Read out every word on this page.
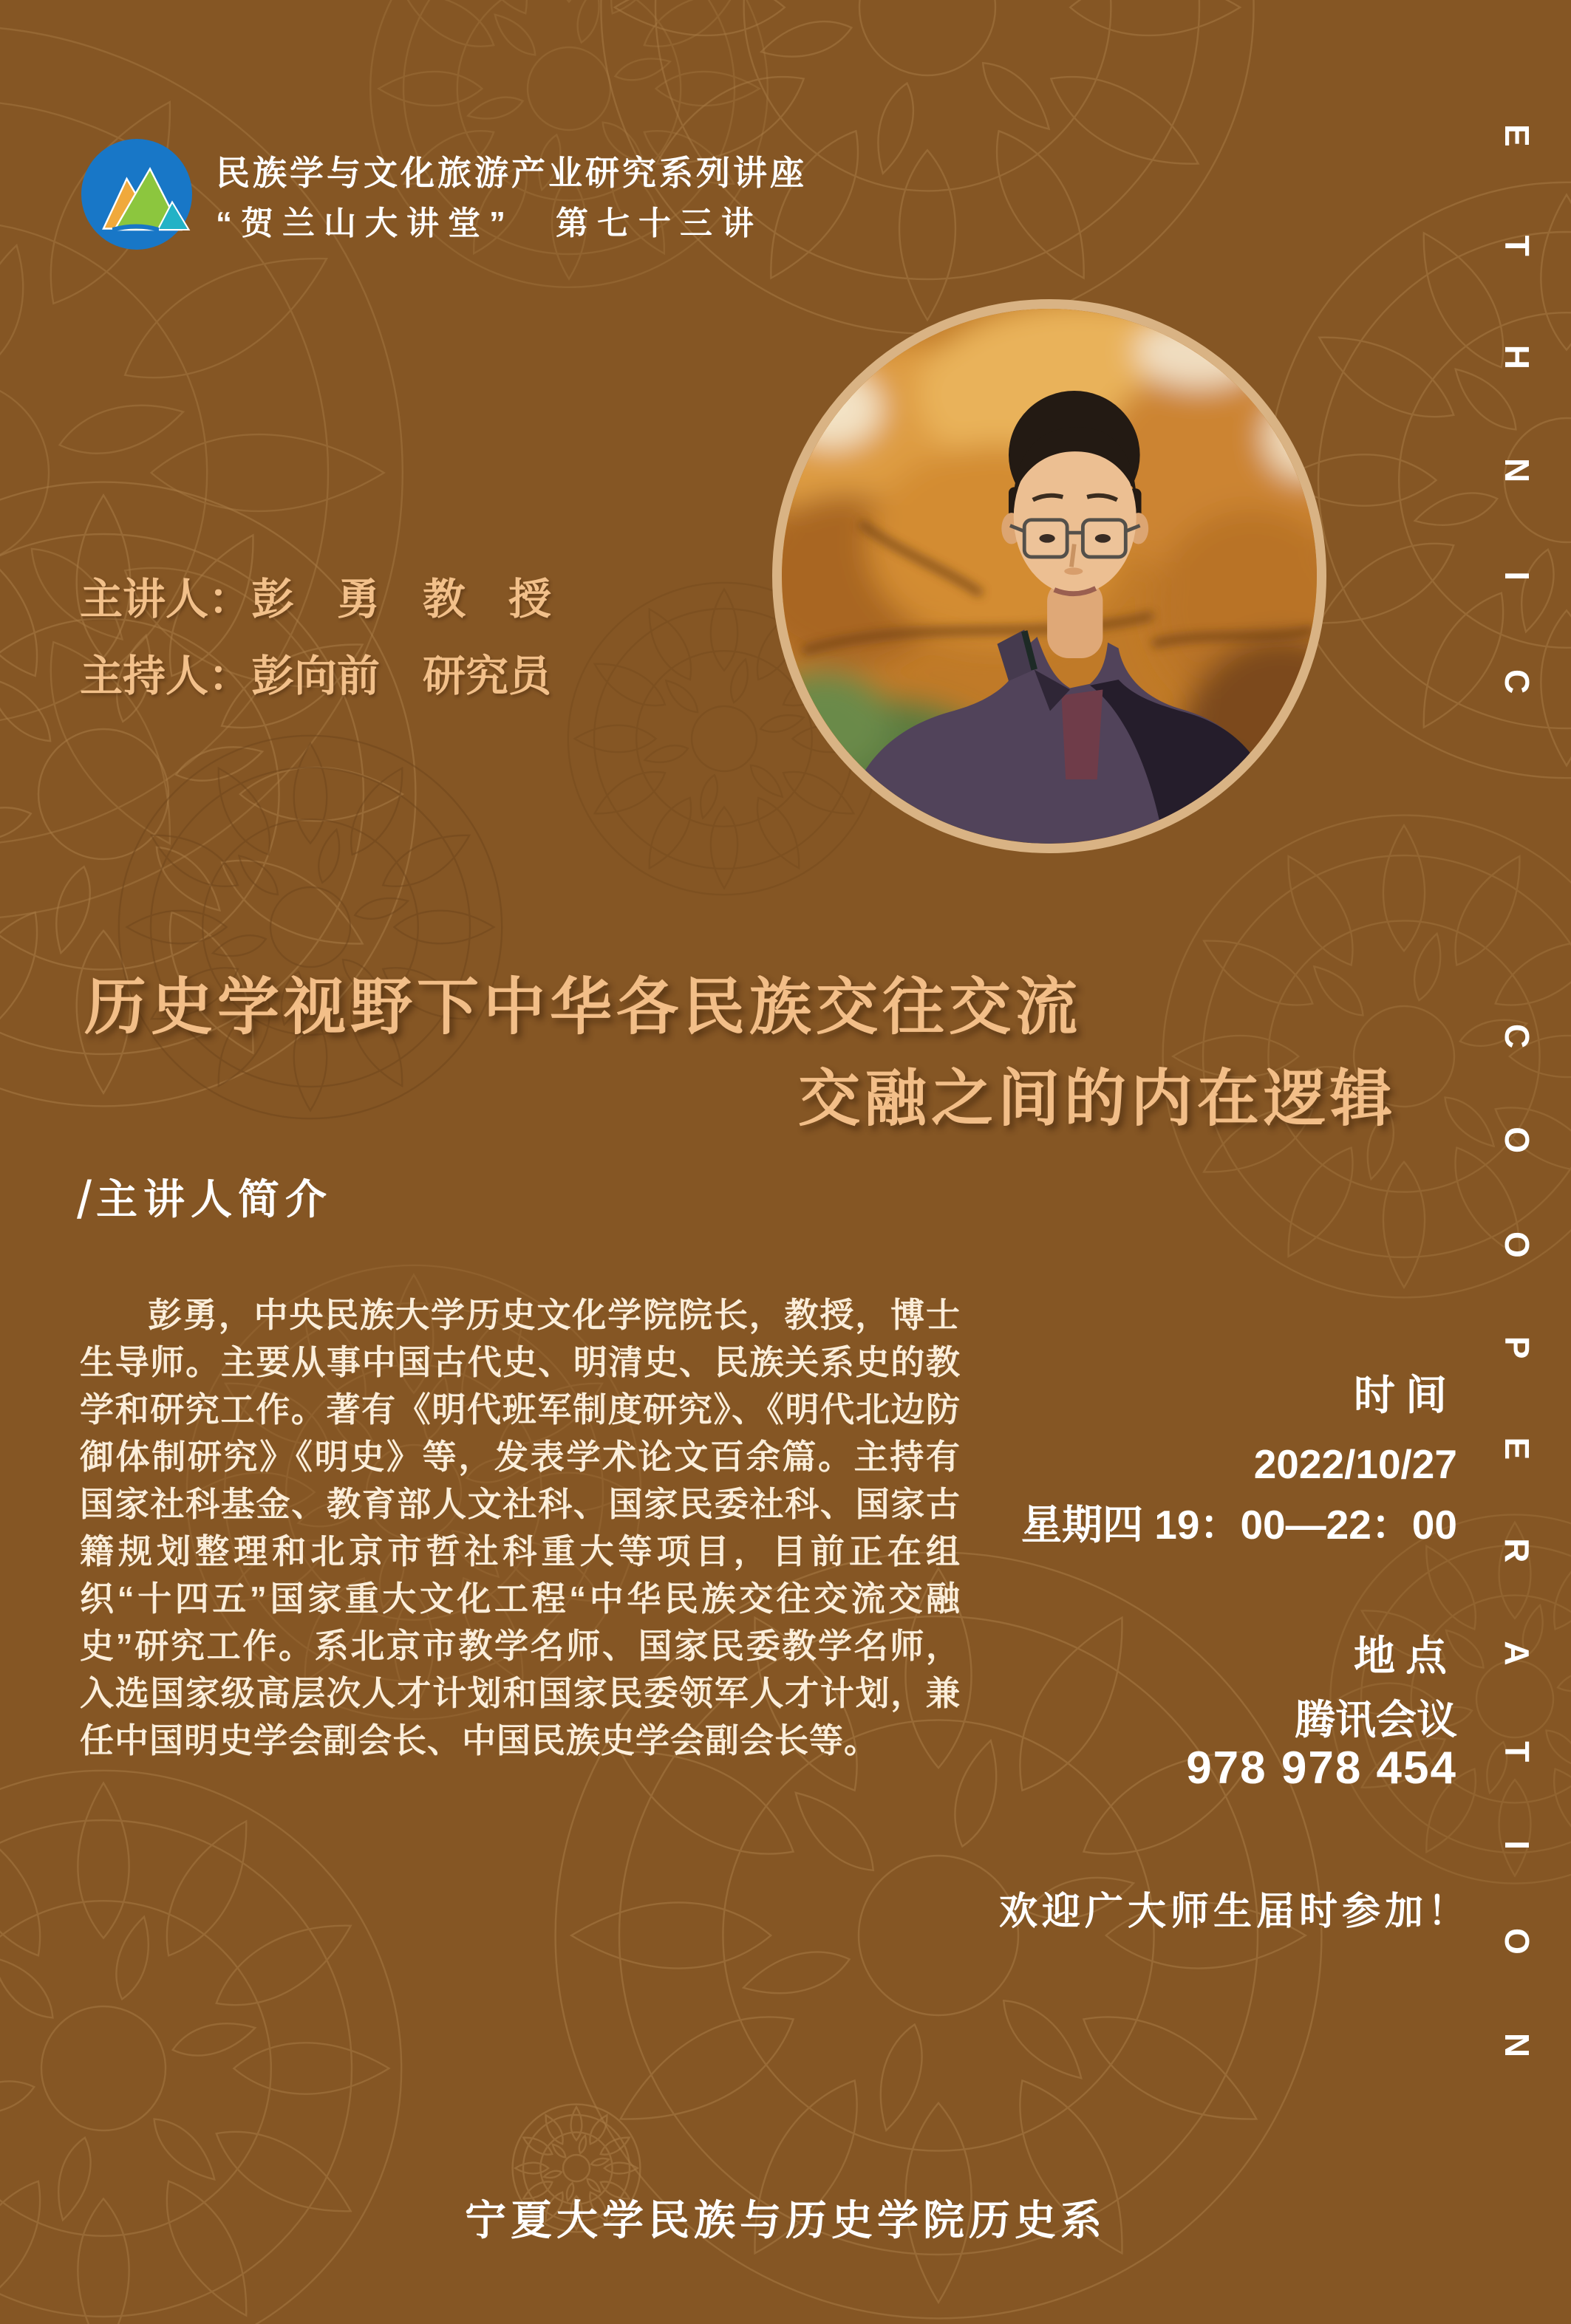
民族学与文化旅游产业研究系列讲座
“贺兰山大讲堂”　第七十三讲
主讲人：彭　勇　教　授
主持人：彭向前　研究员
历史学视野下中华各民族交往交流
交融之间的内在逻辑
/ 主讲人简介
彭勇，中央民族大学历史文化学院院长，教授，博士生导师。主要从事中国古代史、明清史、民族关系史的教学和研究工作。著有《明代班军制度研究》、《明代北边防御体制研究》《明史》等，发表学术论文百余篇。主持有国家社科基金、教育部人文社科、国家民委社科、国家古籍规划整理和北京市哲社科重大等项目，目前正在组织“十四五”国家重大文化工程“中华民族交往交流交融史”研究工作。系北京市教学名师、国家民委教学名师，入选国家级高层次人才计划和国家民委领军人才计划，兼任中国明史学会副会长、中国民族史学会副会长等。
时间
2022/10/27
星期四 19：00—22：00
地点
腾讯会议
978 978 454
欢迎广大师生届时参加！
宁夏大学民族与历史学院历史系
ETHNIC
COOPERATION
